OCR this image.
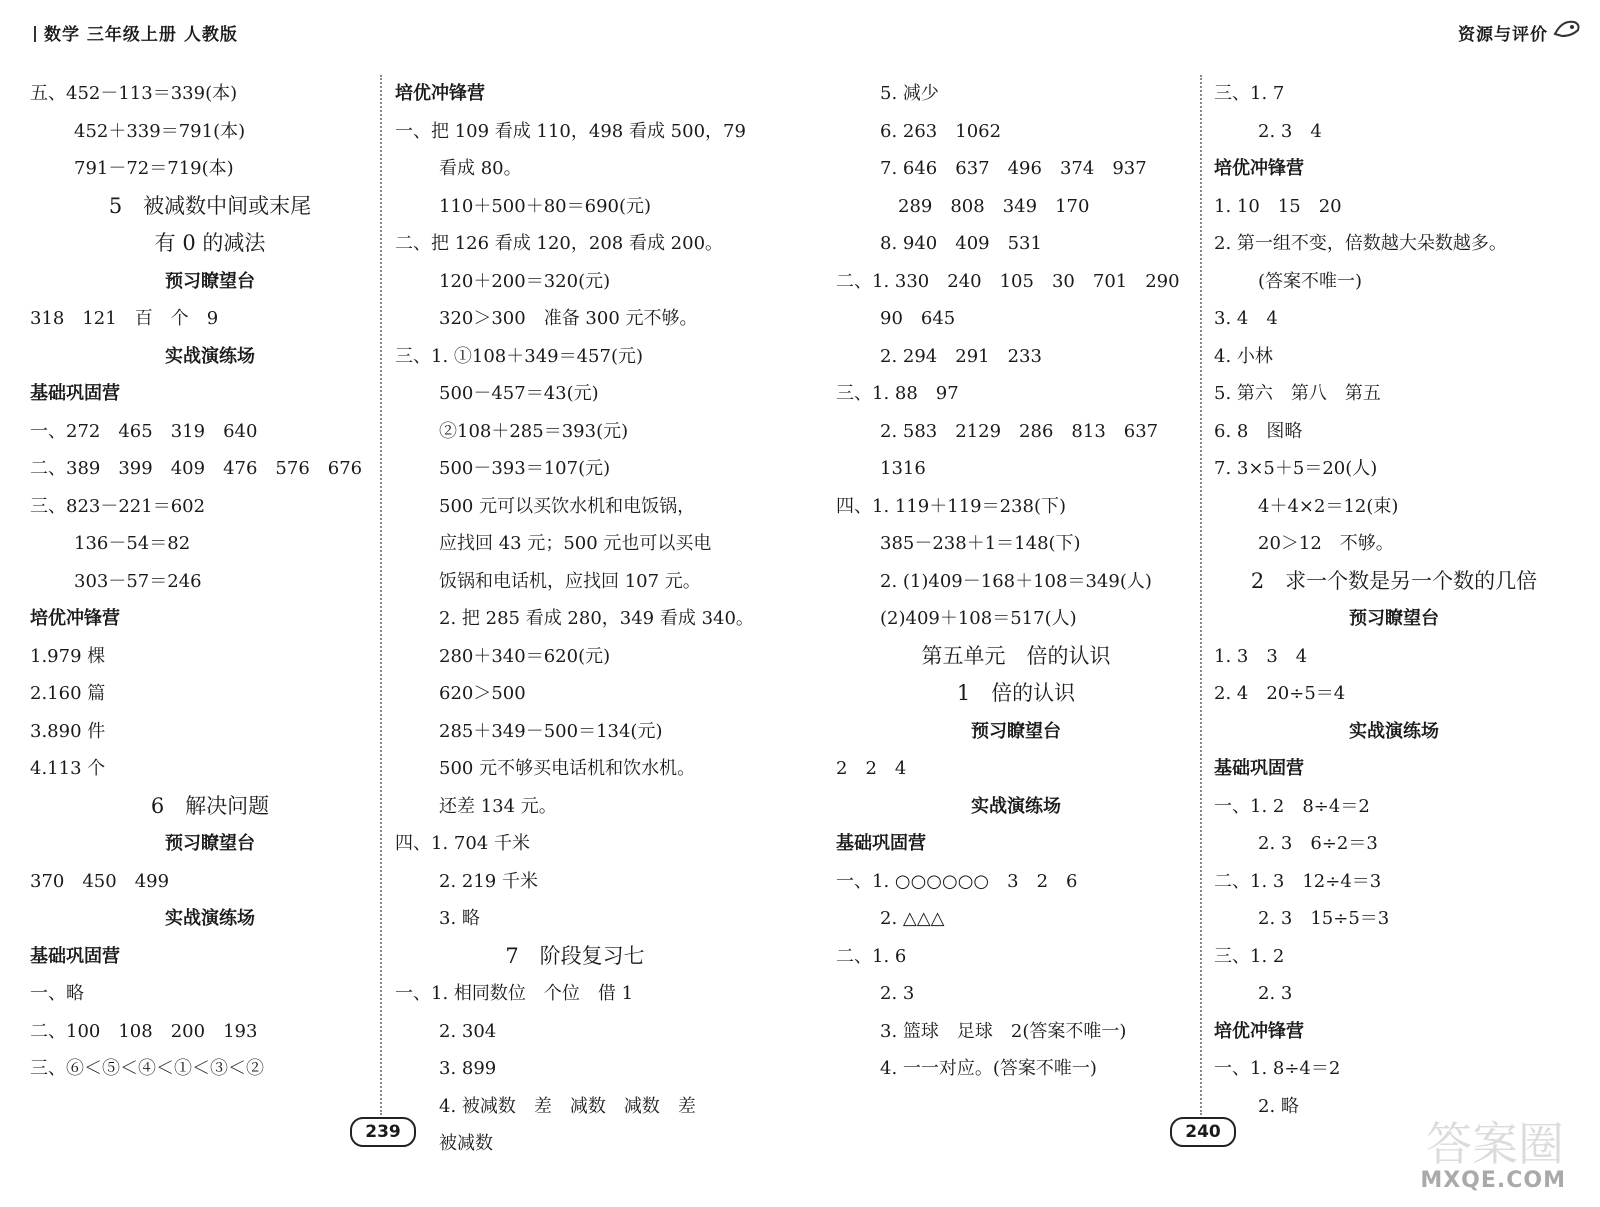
数学 三年级上册 人教版	资源与评价
五、452－113＝339(本)
452＋339＝791(本)
791－72＝719(本)
5　被减数中间或末尾
有 0 的减法
预习瞭望台
318　121　百　个　9
实战演练场
基础巩固营
一、272　465　319　640
二、389　399　409　476　576　676
三、823－221＝602
136－54＝82
303－57＝246
培优冲锋营
1.979 棵
2.160 篇
3.890 件
4.113 个
6　解决问题
预习瞭望台
370　450　499
实战演练场
基础巩固营
一、略
二、100　108　200　193
三、⑥＜⑤＜④＜①＜③＜②
培优冲锋营
一、把 109 看成 110，498 看成 500，79
看成 80。
110＋500＋80＝690(元)
二、把 126 看成 120，208 看成 200。
120＋200＝320(元)
320＞300　准备 300 元不够。
三、1. ①108＋349＝457(元)
500－457＝43(元)
②108＋285＝393(元)
500－393＝107(元)
500 元可以买饮水机和电饭锅，
应找回 43 元；500 元也可以买电
饭锅和电话机，应找回 107 元。
2. 把 285 看成 280，349 看成 340。
280＋340＝620(元)
620＞500
285＋349－500＝134(元)
500 元不够买电话机和饮水机。
还差 134 元。
四、1. 704 千米
2. 219 千米
3. 略
7　阶段复习七
一、1. 相同数位　个位　借 1
2. 304
3. 899
4. 被减数　差　减数　减数　差
被减数
5. 减少
6. 263　1062
7. 646　637　496　374　937
　289　808　349　170
8. 940　409　531
二、1. 330　240　105　30　701　290
90　645
2. 294　291　233
三、1. 88　97
2. 583　2129　286　813　637
1316
四、1. 119＋119＝238(下)
385－238＋1＝148(下)
2. (1)409－168＋108＝349(人)
(2)409＋108＝517(人)
第五单元　倍的认识
1　倍的认识
预习瞭望台
2　2　4
实战演练场
基础巩固营
一、1. ○○○○○○　3　2　6
2. △△△
二、1. 6
2. 3
3. 篮球　足球　2(答案不唯一)
4. 一一对应。(答案不唯一)
三、1. 7
2. 3　4
培优冲锋营
1. 10　15　20
2. 第一组不变，倍数越大朵数越多。
(答案不唯一)
3. 4　4
4. 小林
5. 第六　第八　第五
6. 8　图略
7. 3×5＋5＝20(人)
4＋4×2＝12(束)
20＞12　不够。
2　求一个数是另一个数的几倍
预习瞭望台
1. 3　3　4
2. 4　20÷5＝4
实战演练场
基础巩固营
一、1. 2　8÷4＝2
2. 3　6÷2＝3
二、1. 3　12÷4＝3
2. 3　15÷5＝3
三、1. 2
2. 3
培优冲锋营
一、1. 8÷4＝2
2. 略
239	240	答案圈
MXQE.COM
